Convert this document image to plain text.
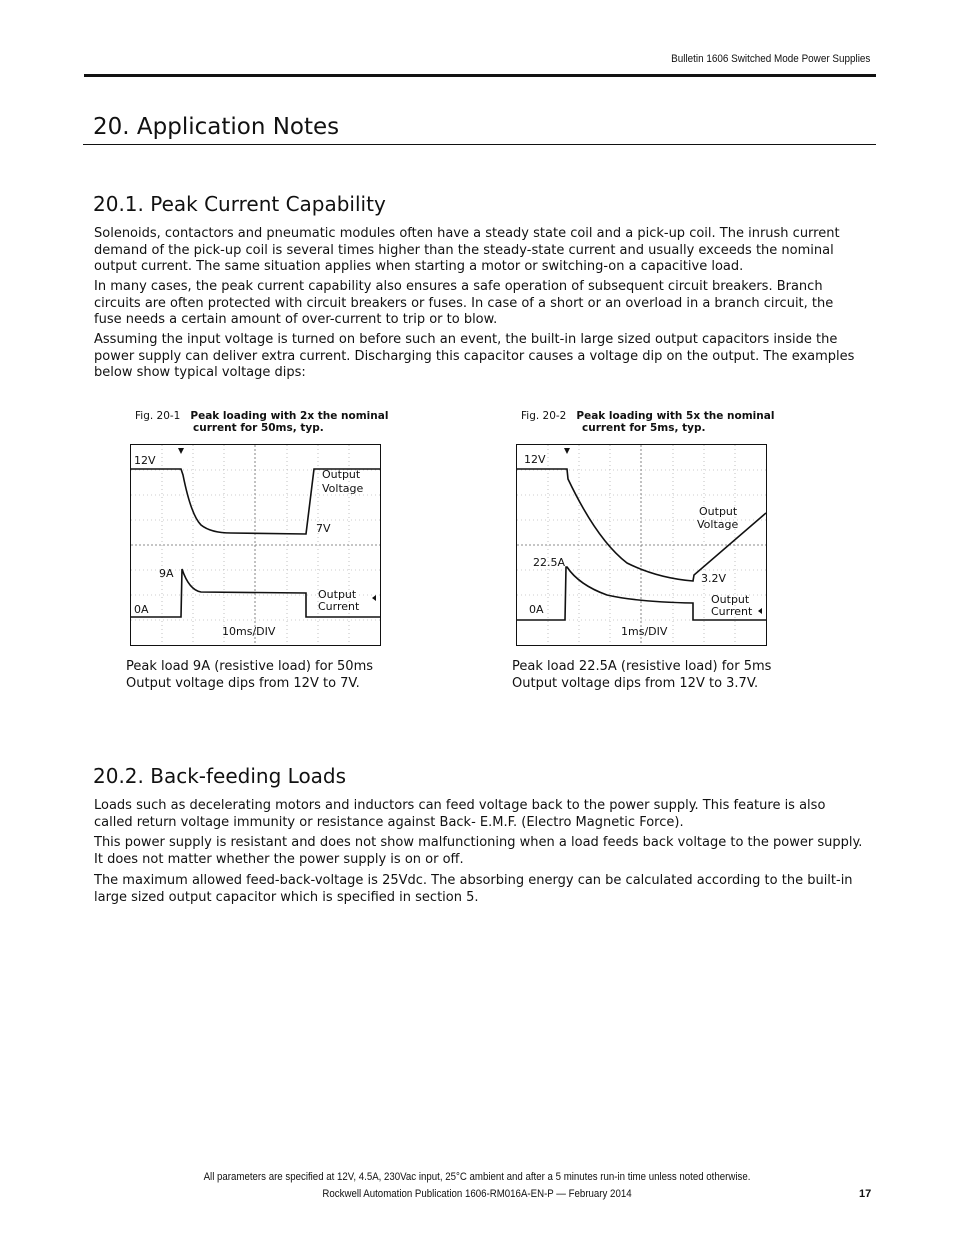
Bulletin 1606 Switched Mode Power Supplies
20. Application Notes
20.1. Peak Current Capability

Solenoids, contactors and pneumatic modules often have a steady state coil and a pick-up coil. The inrush current demand of the pick-up coil is several times higher than the steady-state current and usually exceeds the nominal output current. The same situation applies when starting a motor or switching-on a capacitive load.

In many cases, the peak current capability also ensures a safe operation of subsequent circuit breakers. Branch circuits are often protected with circuit breakers or fuses. In case of a short or an overload in a branch circuit, the fuse needs a certain amount of over-current to trip or to blow.

Assuming the input voltage is turned on before such an event, the built-in large sized output capacitors inside the power supply can deliver extra current. Discharging this capacitor causes a voltage dip on the output. The examples below show typical voltage dips:

Fig. 20-1 Peak loading with 2x the nominal
current for 50ms, typ.
12V
Output
Voltage
7V
9A
0A
Output
Current
10ms/DIV
Peak load 9A (resistive load) for 50ms
Output voltage dips from 12V to 7V.
Fig. 20-2 Peak loading with 5x the nominal
current for 5ms, typ.
12V
Output
Voltage
3.2V
22.5A
0A
Output
Current
1ms/DIV
Peak load 22.5A (resistive load) for 5ms
Output voltage dips from 12V to 3.7V.
20.2. Back-feeding Loads

Loads such as decelerating motors and inductors can feed voltage back to the power supply. This feature is also called return voltage immunity or resistance against Back- E.M.F. (Electro Magnetic Force).

This power supply is resistant and does not show malfunctioning when a load feeds back voltage to the power supply. It does not matter whether the power supply is on or off.

The maximum allowed feed-back-voltage is 25Vdc. The absorbing energy can be calculated according to the built-in large sized output capacitor which is specified in section 5.

All parameters are specified at 12V, 4.5A, 230Vac input, 25°C ambient and after a 5 minutes run-in time unless noted otherwise.
Rockwell Automation Publication 1606-RM016A-EN-P — February 2014	17
